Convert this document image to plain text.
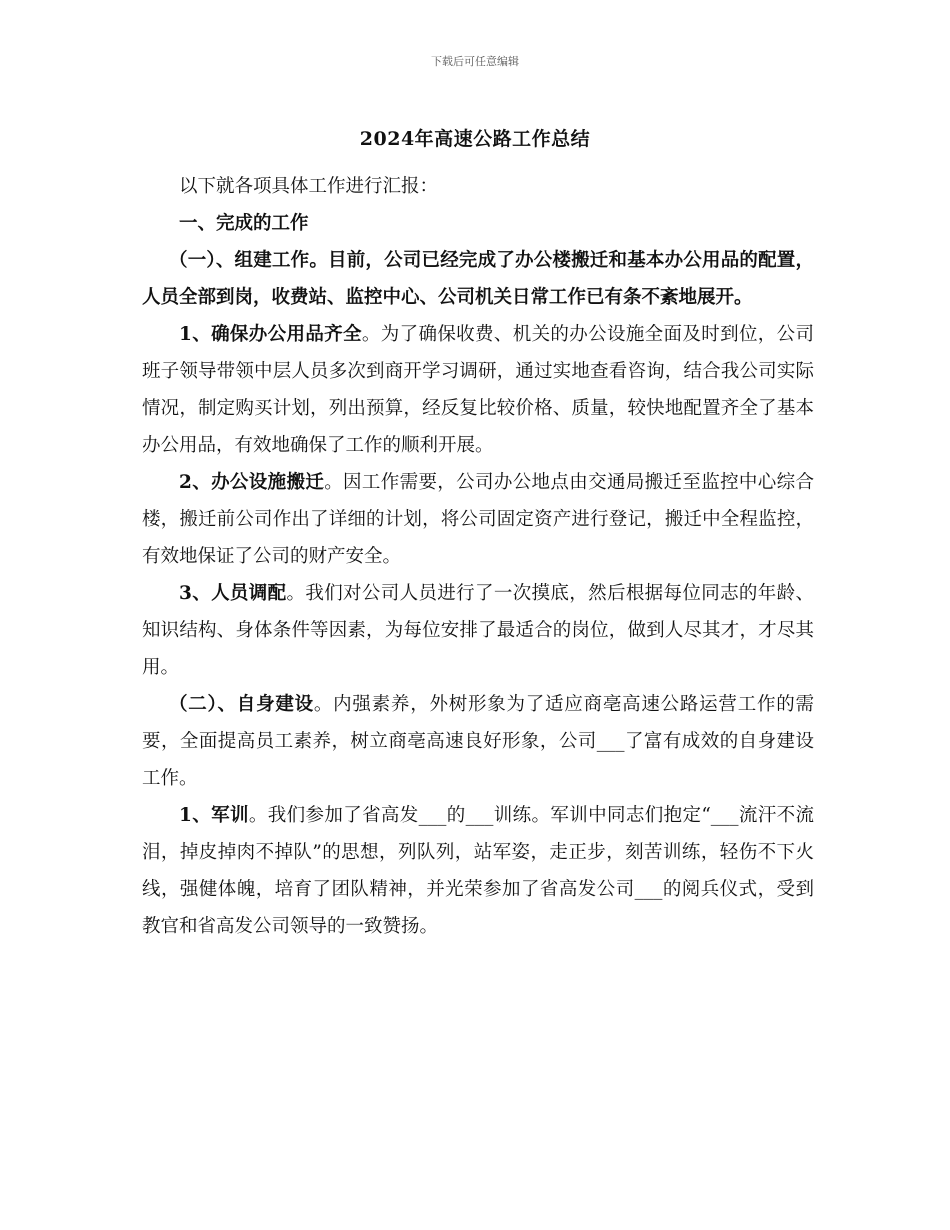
下载后可任意编辑
2024年高速公路工作总结

以下就各项具体工作进行汇报：

一、完成的工作

（一）、组建工作。目前，公司已经完成了办公楼搬迁和基本办公用品的配置，人员全部到岗，收费站、监控中心、公司机关日常工作已有条不紊地展开。

1、确保办公用品齐全。为了确保收费、机关的办公设施全面及时到位，公司班子领导带领中层人员多次到商开学习调研，通过实地查看咨询，结合我公司实际情况，制定购买计划，列出预算，经反复比较价格、质量，较快地配置齐全了基本办公用品，有效地确保了工作的顺利开展。

2、办公设施搬迁。因工作需要，公司办公地点由交通局搬迁至监控中心综合楼，搬迁前公司作出了详细的计划，将公司固定资产进行登记，搬迁中全程监控，有效地保证了公司的财产安全。

3、人员调配。我们对公司人员进行了一次摸底，然后根据每位同志的年龄、知识结构、身体条件等因素，为每位安排了最适合的岗位，做到人尽其才，才尽其用。

（二）、自身建设。内强素养，外树形象为了适应商亳高速公路运营工作的需要，全面提高员工素养，树立商亳高速良好形象，公司___了富有成效的自身建设工作。

1、军训。我们参加了省高发___的___训练。军训中同志们抱定“___流汗不流泪，掉皮掉肉不掉队”的思想，列队列，站军姿，走正步，刻苦训练，轻伤不下火线，强健体魄，培育了团队精神，并光荣参加了省高发公司___的阅兵仪式，受到教官和省高发公司领导的一致赞扬。
